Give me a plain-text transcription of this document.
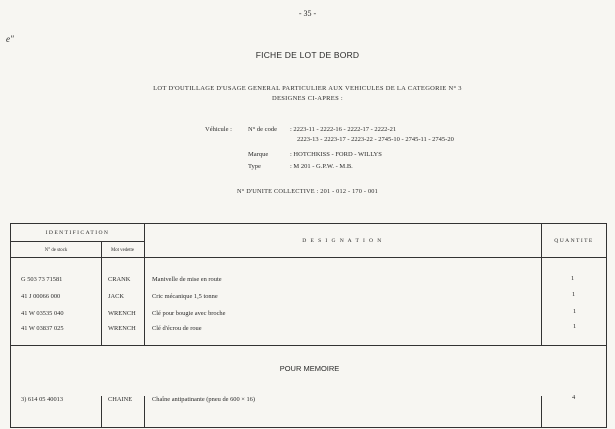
- 35 -
e"
FICHE DE LOT DE BORD
LOT D'OUTILLAGE D'USAGE GENERAL PARTICULIER AUX VEHICULES DE LA CATEGORIE N° 3
DESIGNES CI-APRES :
Véhicule : N° de code : 2223-11 - 2222-16 - 2222-17 - 2222-21
2223-13 - 2223-17 - 2223-22 - 2745-10 - 2745-11 - 2745-20
Marque	: HOTCHKISS - FORD - WILLYS
Type	: M 201 - G.P.W. - M.B.
N° D'UNITE COLLECTIVE : 201 - 012 - 170 - 001
IDENTIFICATION
N° de stock	Mot vedette
D E S I G N A T I O N	QUANTITE
G 503 73 71581	CRANK	Manivelle de mise en route	1
41 J 00066 000	JACK	Cric mécanique 1,5 tonne	1
41 W 03535 040	WRENCH	Clé pour bougie avec broche	1
41 W 03837 025	WRENCH	Clé d'écrou de roue	1
POUR MEMOIRE
3) 614 05 40013	CHAINE	Chaîne antipatinante (pneu de 600 × 16)	4
